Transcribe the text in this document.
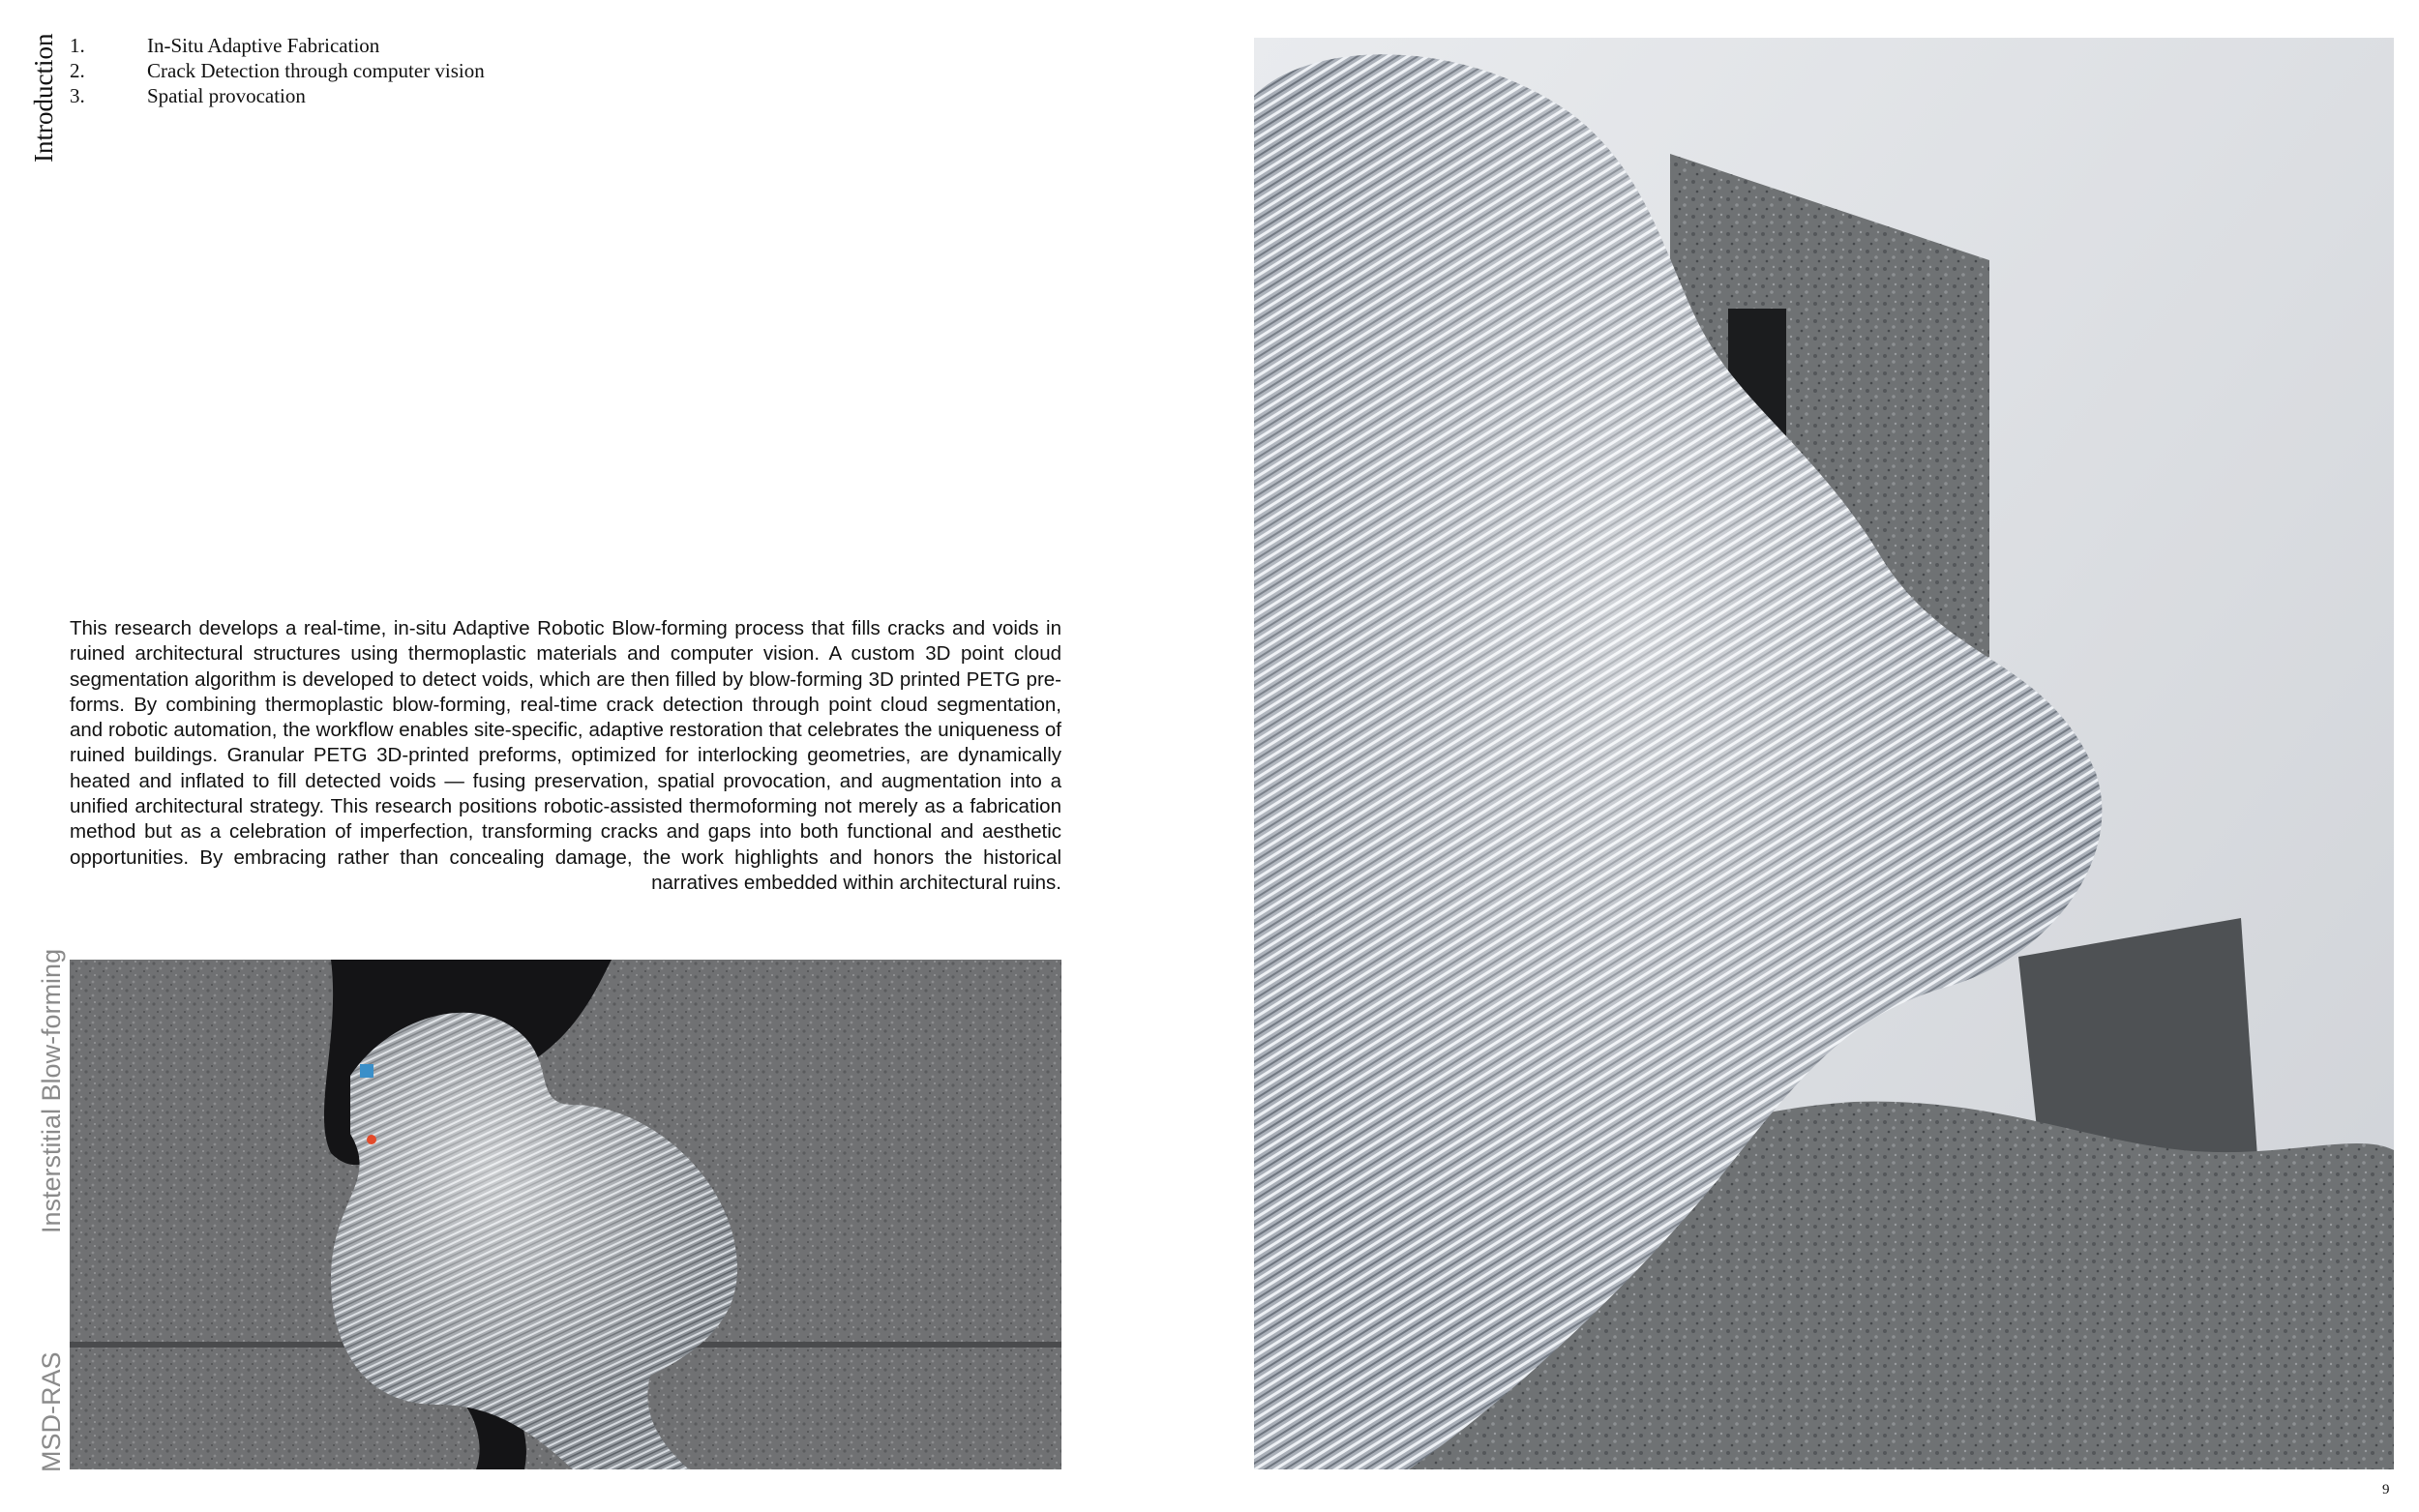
Introduction 1.	In-Situ Adaptive Fabrication
2.	Crack Detection through computer vision
3.	Spatial provocation

This research develops a real-time, in-situ Adaptive Robotic Blow-forming process that fills cracks and voids in ruined architectural structures using thermoplastic materials and computer vision. A custom 3D point cloud segmentation algorithm is developed to detect voids, which are then filled by blow-forming 3D printed PETG pre-forms. By combining thermoplastic blow-forming, real-time crack detection through point cloud segmentation, and robotic automation, the workflow enables site-specific, adaptive restoration that celebrates the uniqueness of ruined buildings. Granular PETG 3D-printed preforms, optimized for interlocking geometries, are dynamically heated and inflated to fill detected voids — fusing preservation, spatial provocation, and augmentation into a unified architectural strategy. This research positions robotic-assisted thermoforming not merely as a fabrication method but as a celebration of imperfection, transforming cracks and gaps into both functional and aesthetic opportunities. By embracing rather than concealing damage, the work highlights and honors the historical narratives embedded within architectural ruins.

Insterstitial Blow-forming
MSD-RAS
9
